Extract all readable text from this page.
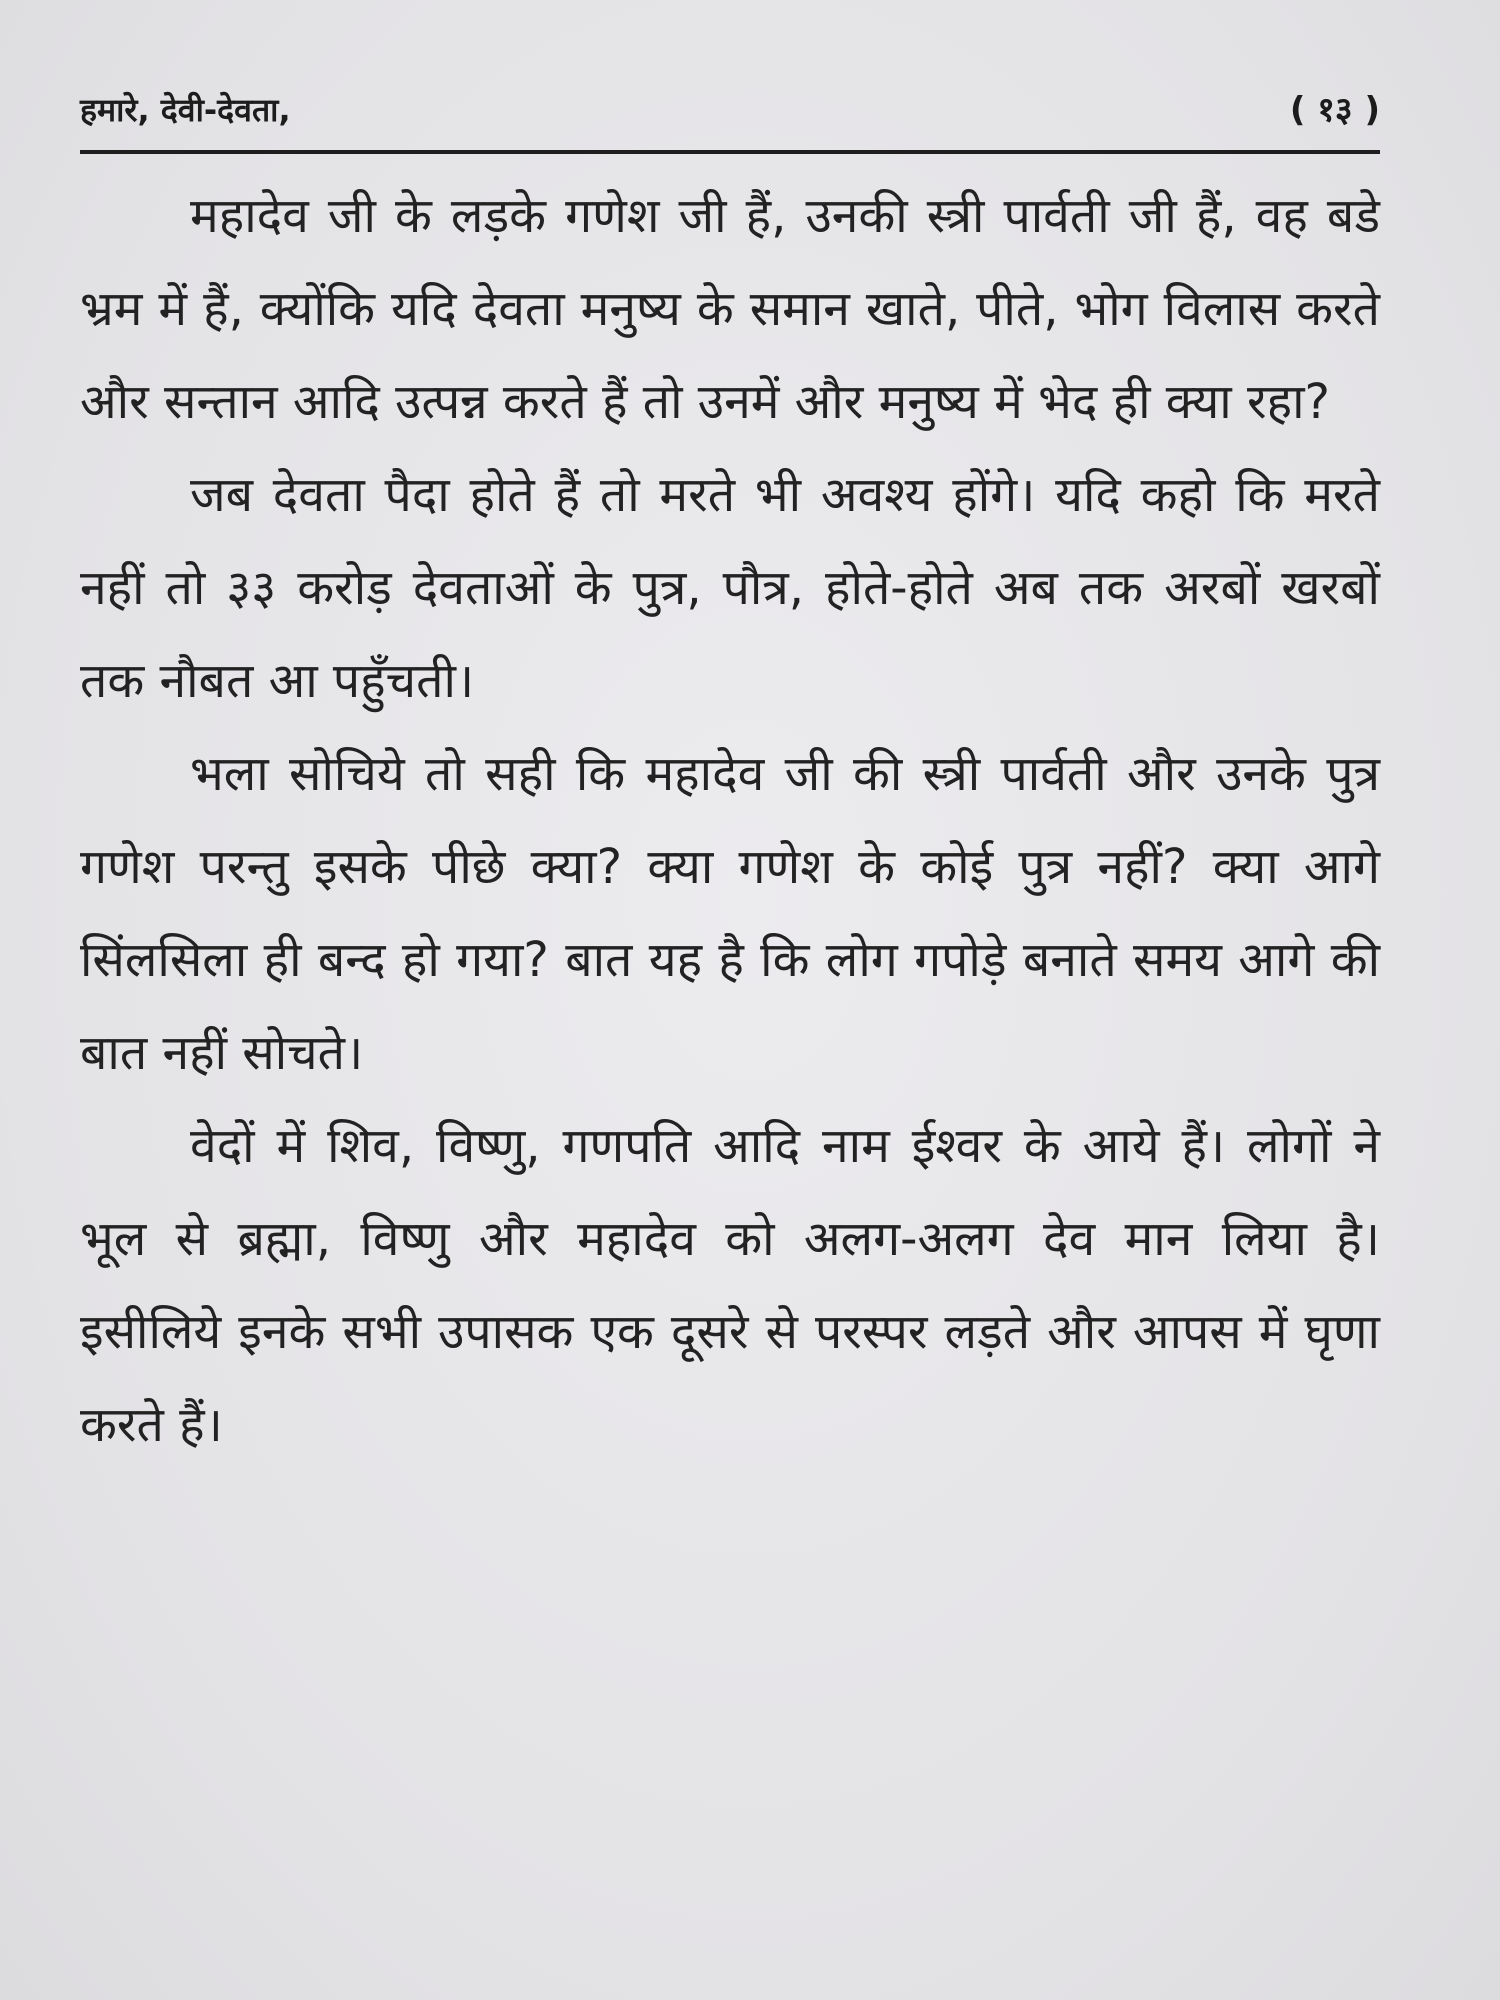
हमारे, देवी-देवता,	( १३ )

महादेव जी के लड़के गणेश जी हैं, उनकी स्त्री पार्वती जी हैं, वह बडे भ्रम में हैं, क्योंकि यदि देवता मनुष्य के समान खाते, पीते, भोग विलास करते और सन्तान आदि उत्पन्न करते हैं तो उनमें और मनुष्य में भेद ही क्या रहा?

जब देवता पैदा होते हैं तो मरते भी अवश्य होंगे। यदि कहो कि मरते नहीं तो ३३ करोड़ देवताओं के पुत्र, पौत्र, होते-होते अब तक अरबों खरबों तक नौबत आ पहुँचती।

भला सोचिये तो सही कि महादेव जी की स्त्री पार्वती और उनके पुत्र गणेश परन्तु इसके पीछे क्या? क्या गणेश के कोई पुत्र नहीं? क्या आगे सिंलसिला ही बन्द हो गया? बात यह है कि लोग गपोड़े बनाते समय आगे की बात नहीं सोचते।

वेदों में शिव, विष्णु, गणपति आदि नाम ईश्वर के आये हैं। लोगों ने भूल से ब्रह्मा, विष्णु और महादेव को अलग-अलग देव मान लिया है। इसीलिये इनके सभी उपासक एक दूसरे से परस्पर लड़ते और आपस में घृणा करते हैं।
